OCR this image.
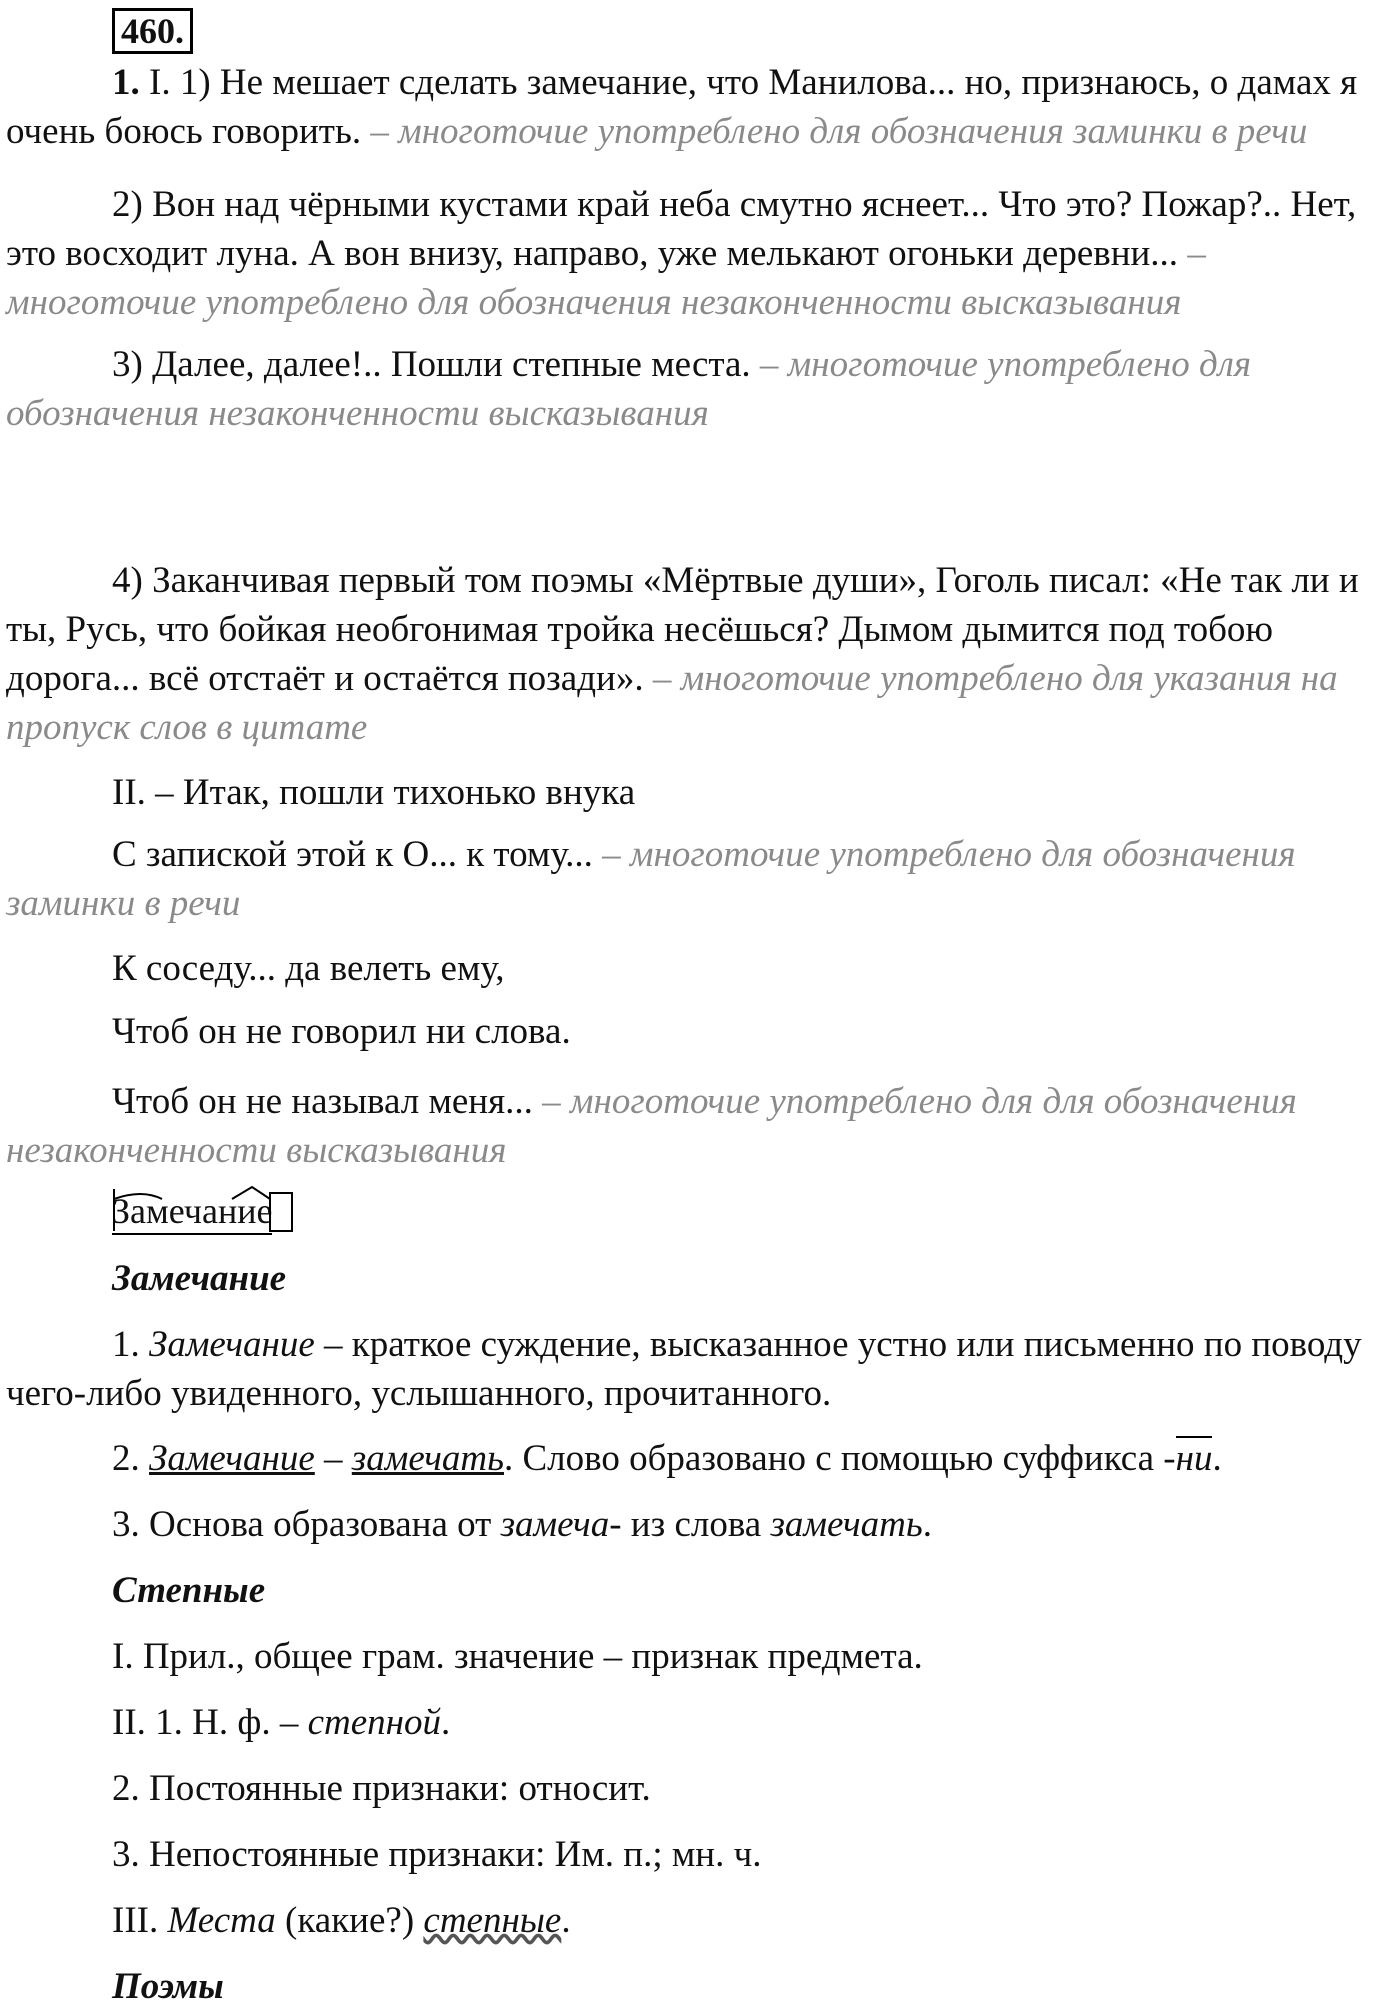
460.

1. I. 1) Не мешает сделать замечание, что Манилова... но, признаюсь, о дамах я очень боюсь говорить. – многоточие употреблено для обозначения заминки в речи

2) Вон над чёрными кустами край неба смутно яснеет... Что это? Пожар?.. Нет, это восходит луна. А вон внизу, направо, уже мелькают огоньки деревни... – многоточие употреблено для обозначения незаконченности высказывания

3) Далее, далее!.. Пошли степные места. – многоточие употреблено для обозначения незаконченности высказывания

4) Заканчивая первый том поэмы «Мёртвые души», Гоголь писал: «Не так ли и ты, Русь, что бойкая необгонимая тройка несёшься? Дымом дымится под тобою дорога... всё отстаёт и остаётся позади». – многоточие употреблено для указания на пропуск слов в цитате

II. – Итак, пошли тихонько внука

С запиской этой к О... к тому... – многоточие употреблено для обозначения заминки в речи

К соседу... да велеть ему,

Чтоб он не говорил ни слова.

Чтоб он не называл меня... – многоточие употреблено для для обозначения незаконченности высказывания

Замечание

Замечание

1. Замечание – краткое суждение, высказанное устно или письменно по поводу чего-либо увиденного, услышанного, прочитанного.

2. Замечание – замечать. Слово образовано с помощью суффикса -ни.

3. Основа образована от замеча- из слова замечать.

Степные

I. Прил., общее грам. значение – признак предмета.

II. 1. Н. ф. – степной.

2. Постоянные признаки: относит.

3. Непостоянные признаки: Им. п.; мн. ч.

III. Места (какие?) степные.

Поэмы
